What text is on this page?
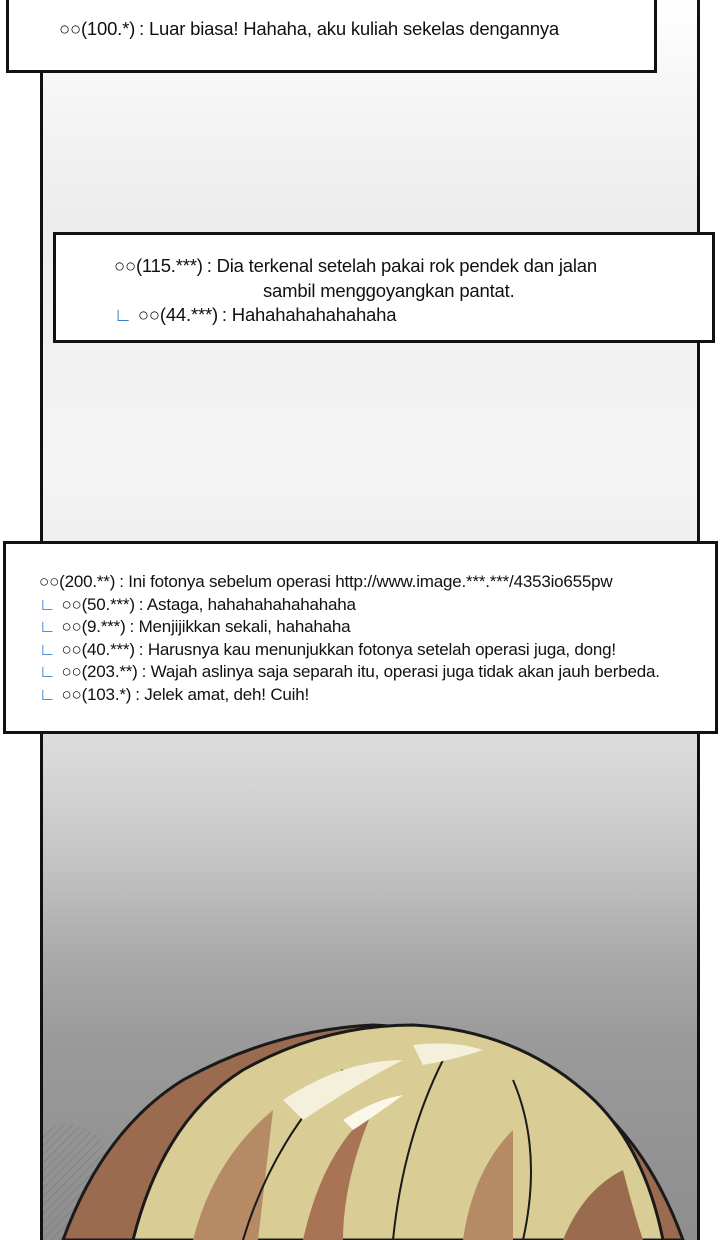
○○(100.*) : Luar biasa! Hahaha, aku kuliah sekelas dengannya
○○(115.***) : Dia terkenal setelah pakai rok pendek dan jalan
sambil menggoyangkan pantat.
∟ ○○(44.***) : Hahahahahahahaha
○○(200.**) : Ini fotonya sebelum operasi http://www.image.***.***/4353io655pw
∟ ○○(50.***) : Astaga, hahahahahahahaha
∟ ○○(9.***) : Menjijikkan sekali, hahahaha
∟ ○○(40.***) : Harusnya kau menunjukkan fotonya setelah operasi juga, dong!
∟ ○○(203.**) : Wajah aslinya saja separah itu, operasi juga tidak akan jauh berbeda.
∟ ○○(103.*) : Jelek amat, deh! Cuih!
